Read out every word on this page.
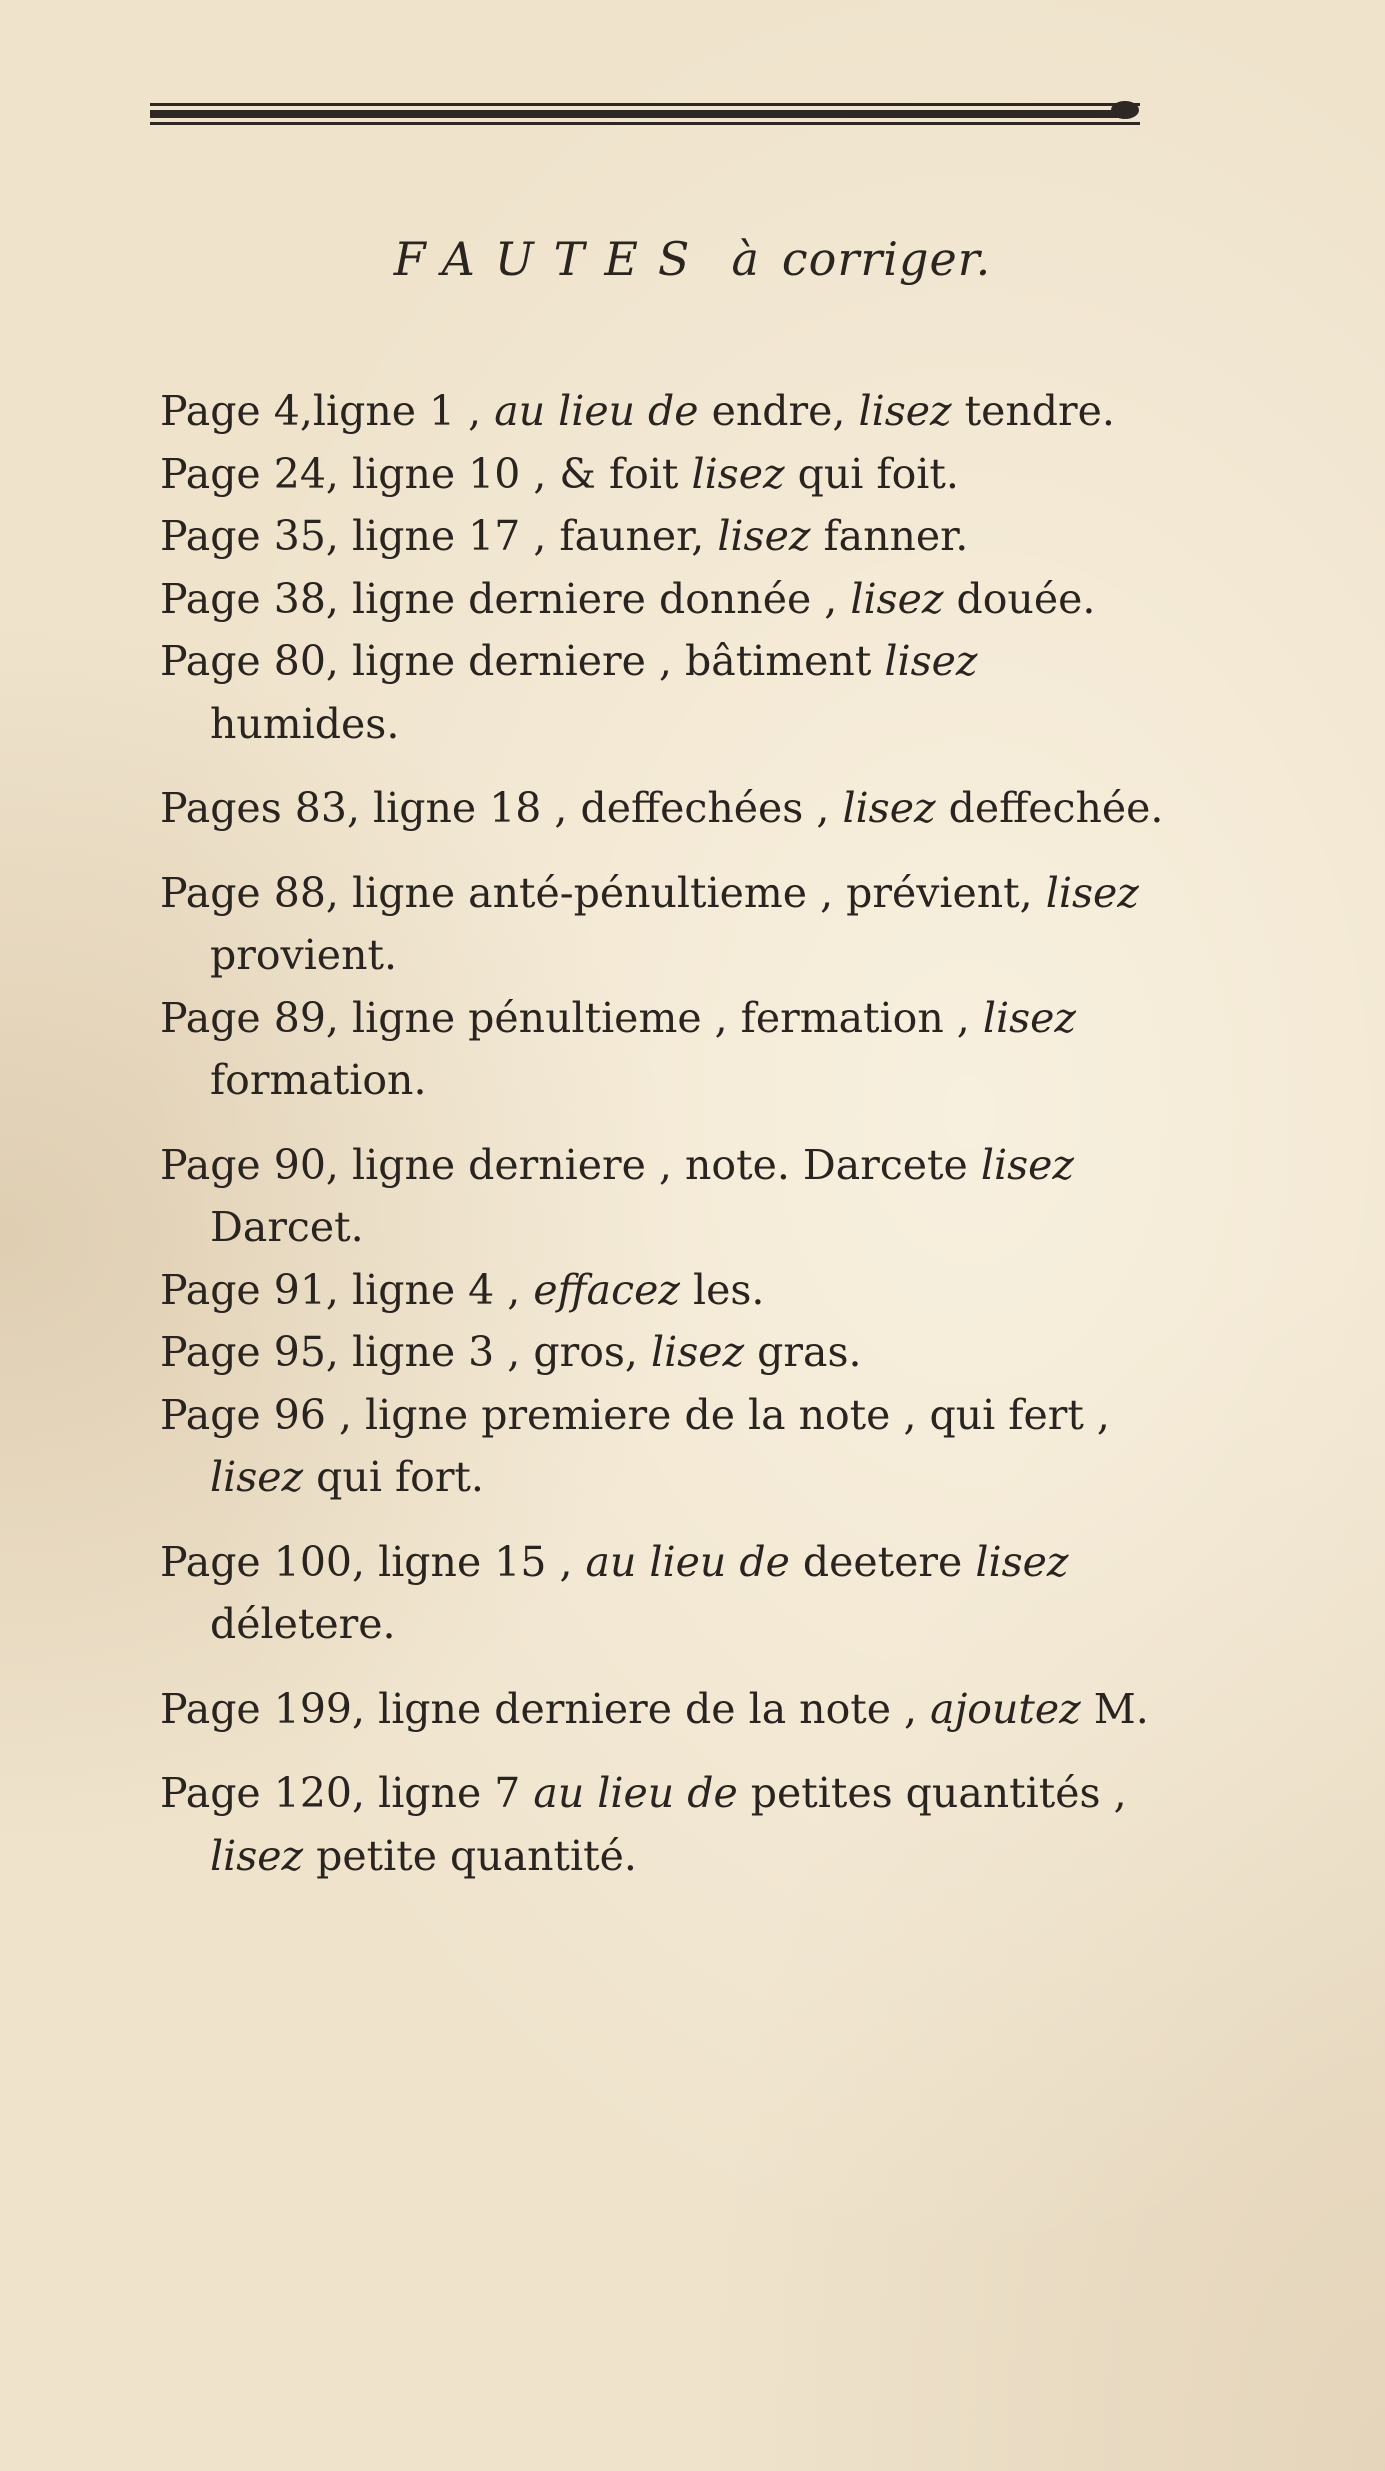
FAUTES à corriger.

Page 4,ligne 1 , au lieu de endre, lisez tendre.

Page 24, ligne 10 , & foit lisez qui foit.

Page 35, ligne 17 , fauner, lisez fanner.

Page 38, ligne derniere donnée , lisez douée.

Page 80, ligne derniere , bâtiment lisez humides.

Pages 83, ligne 18 , deffechées , lisez deffechée.

Page 88, ligne anté-pénultieme , prévient, lisez provient.

Page 89, ligne pénultieme , fermation , lisez formation.

Page 90, ligne derniere , note. Darcete lisez Darcet.

Page 91, ligne 4 , effacez les.

Page 95, ligne 3 , gros, lisez gras.

Page 96 , ligne premiere de la note , qui fert , lisez qui fort.

Page 100, ligne 15 , au lieu de deetere lisez déletere.

Page 199, ligne derniere de la note , ajoutez M.

Page 120, ligne 7 au lieu de petites quantités , lisez petite quantité.
